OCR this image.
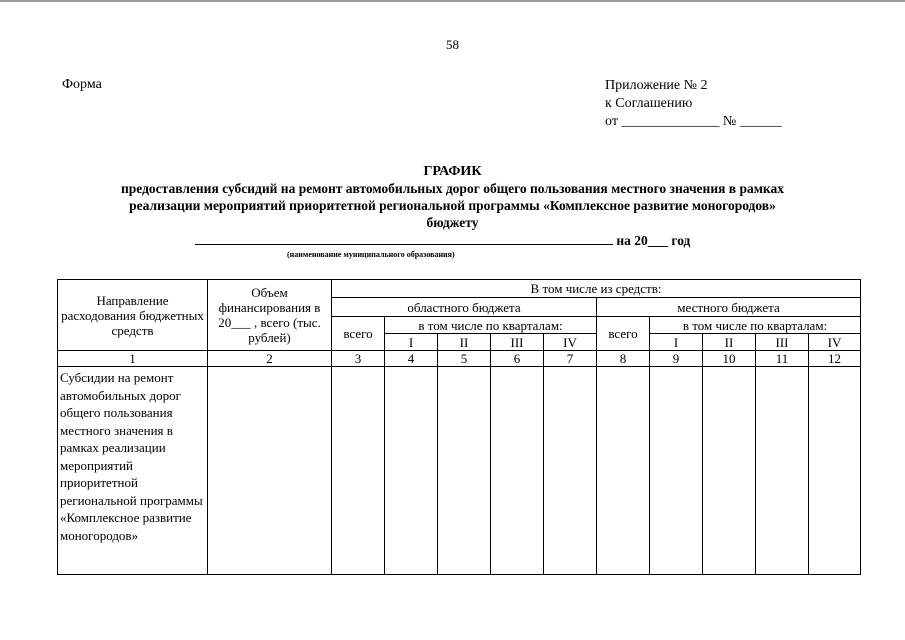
58
Форма	Приложение № 2
к Соглашению
от ______________ № ______
ГРАФИК
предоставления субсидий на ремонт автомобильных дорог общего пользования местного значения в рамках
реализации мероприятий приоритетной региональной программы «Комплексное развитие моногородов»
бюджету
на 20___ год
(наименование муниципального образования)
Направление расходования бюджетных средств	Объем финансирования в 20___ , всего (тыс. рублей)	В том числе из средств:									
		областного бюджета					местного бюджета				
		всего	в том числе по кварталам:				всего	в том числе по кварталам:			
			I	II	III	IV		I	II	III	IV
1	2	3	4	5	6	7	8	9	10	11	12
Субсидии на ремонт автомобильных дорог общего пользования местного значения в рамках реализации мероприятий приоритетной региональной программы «Комплексное развитие моногородов»											
